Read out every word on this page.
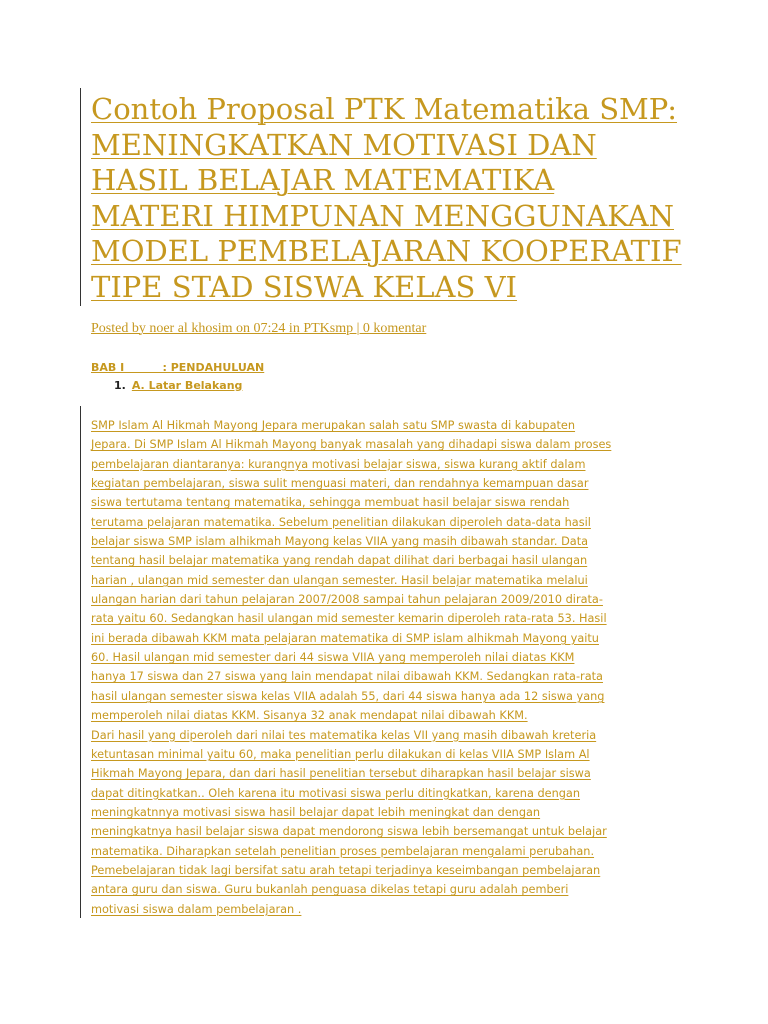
Contoh Proposal PTK Matematika SMP:
MENINGKATKAN MOTIVASI DAN
HASIL BELAJAR MATEMATIKA
MATERI HIMPUNAN MENGGUNAKAN
MODEL PEMBELAJARAN KOOPERATIF
TIPE STAD SISWA KELAS VI

Posted by noer al khosim on 07:24 in PTKsmp | 0 komentar

BAB I          : PENDAHULUAN

1. A. Latar Belakang

SMP Islam Al Hikmah Mayong Jepara merupakan salah satu SMP swasta di kabupaten
Jepara. Di SMP Islam Al Hikmah Mayong banyak masalah yang dihadapi siswa dalam proses
pembelajaran diantaranya: kurangnya motivasi belajar siswa, siswa kurang aktif dalam
kegiatan pembelajaran, siswa sulit menguasi materi, dan rendahnya kemampuan dasar
siswa tertutama tentang matematika, sehingga membuat hasil belajar siswa rendah
terutama pelajaran matematika. Sebelum penelitian dilakukan diperoleh data-data hasil
belajar siswa SMP islam alhikmah Mayong kelas VIIA yang masih dibawah standar. Data
tentang hasil belajar matematika yang rendah dapat dilihat dari berbagai hasil ulangan
harian , ulangan mid semester dan ulangan semester. Hasil belajar matematika melalui
ulangan harian dari tahun pelajaran 2007/2008 sampai tahun pelajaran 2009/2010 dirata-
rata yaitu 60. Sedangkan hasil ulangan mid semester kemarin diperoleh rata-rata 53. Hasil
ini berada dibawah KKM mata pelajaran matematika di SMP islam alhikmah Mayong yaitu
60. Hasil ulangan mid semester dari 44 siswa VIIA yang memperoleh nilai diatas KKM
hanya 17 siswa dan 27 siswa yang lain mendapat nilai dibawah KKM. Sedangkan rata-rata
hasil ulangan semester siswa kelas VIIA adalah 55, dari 44 siswa hanya ada 12 siswa yang
memperoleh nilai diatas KKM. Sisanya 32 anak mendapat nilai dibawah KKM.
Dari hasil yang diperoleh dari nilai tes matematika kelas VII yang masih dibawah kreteria
ketuntasan minimal yaitu 60, maka penelitian perlu dilakukan di kelas VIIA SMP Islam Al
Hikmah Mayong Jepara, dan dari hasil penelitian tersebut diharapkan hasil belajar siswa
dapat ditingkatkan.. Oleh karena itu motivasi siswa perlu ditingkatkan, karena dengan
meningkatnnya motivasi siswa hasil belajar dapat lebih meningkat dan dengan
meningkatnya hasil belajar siswa dapat mendorong siswa lebih bersemangat untuk belajar
matematika. Diharapkan setelah penelitian proses pembelajaran mengalami perubahan.
Pemebelajaran tidak lagi bersifat satu arah tetapi terjadinya keseimbangan pembelajaran
antara guru dan siswa. Guru bukanlah penguasa dikelas tetapi guru adalah pemberi
motivasi siswa dalam pembelajaran .
